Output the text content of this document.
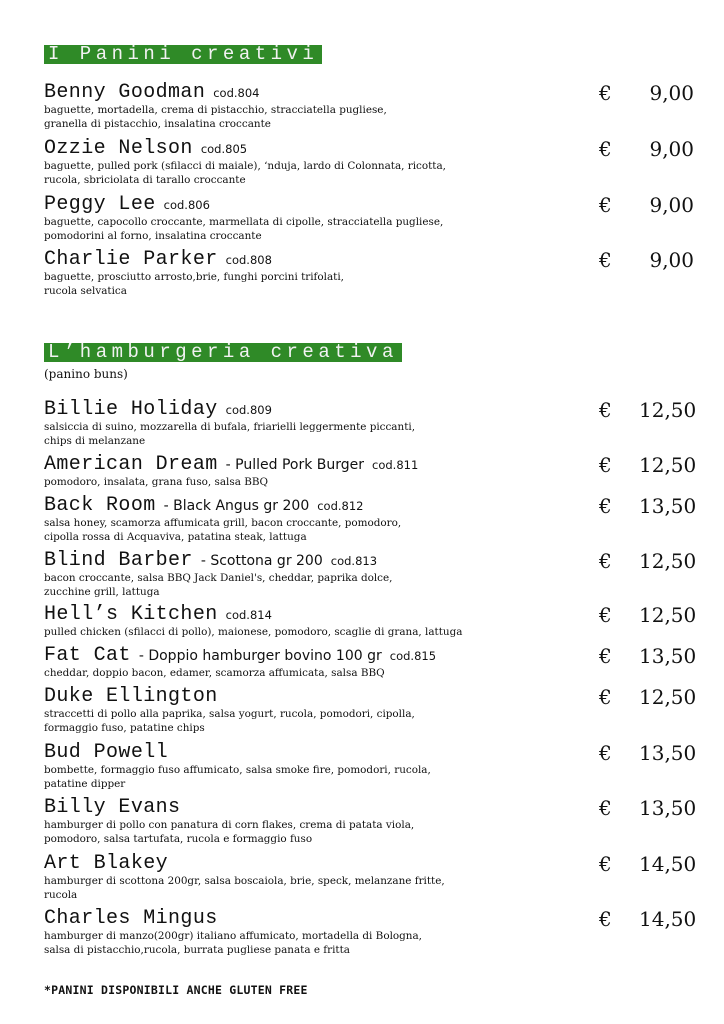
I Panini creativi
Benny Goodman cod.804
baguette, mortadella, crema di pistacchio, stracciatella pugliese,
granella di pistacchio, insalatina croccante
€	9,00
Ozzie Nelson cod.805
baguette, pulled pork (sfilacci di maiale), ‘nduja, lardo di Colonnata, ricotta,
rucola, sbriciolata di tarallo croccante
€	9,00
Peggy Lee cod.806
baguette, capocollo croccante, marmellata di cipolle, stracciatella pugliese,
pomodorini al forno, insalatina croccante
€	9,00
Charlie Parker cod.808
baguette, prosciutto arrosto,brie, funghi porcini trifolati,
rucola selvatica
€	9,00
L’hamburgeria creativa
(panino buns)
Billie Holiday cod.809
salsiccia di suino, mozzarella di bufala, friarielli leggermente piccanti,
chips di melanzane
€	12,50
American Dream - Pulled Pork Burger cod.811
pomodoro, insalata, grana fuso, salsa BBQ
€	12,50
Back Room - Black Angus gr 200 cod.812
salsa honey, scamorza affumicata grill, bacon croccante, pomodoro,
cipolla rossa di Acquaviva, patatina steak, lattuga
€	13,50
Blind Barber - Scottona gr 200 cod.813
bacon croccante, salsa BBQ Jack Daniel's, cheddar, paprika dolce,
zucchine grill, lattuga
€	12,50
Hell’s Kitchen cod.814
pulled chicken (sfilacci di pollo), maionese, pomodoro, scaglie di grana, lattuga
€	12,50
Fat Cat - Doppio hamburger bovino 100 gr cod.815
cheddar, doppio bacon, edamer, scamorza affumicata, salsa BBQ
€	13,50
Duke Ellington
straccetti di pollo alla paprika, salsa yogurt, rucola, pomodori, cipolla,
formaggio fuso, patatine chips
€	12,50
Bud Powell
bombette, formaggio fuso affumicato, salsa smoke fire, pomodori, rucola,
patatine dipper
€	13,50
Billy Evans
hamburger di pollo con panatura di corn flakes, crema di patata viola,
pomodoro, salsa tartufata, rucola e formaggio fuso
€	13,50
Art Blakey
hamburger di scottona 200gr, salsa boscaiola, brie, speck, melanzane fritte,
rucola
€	14,50
Charles Mingus
hamburger di manzo(200gr) italiano affumicato, mortadella di Bologna,
salsa di pistacchio,rucola, burrata pugliese panata e fritta
€	14,50
*PANINI DISPONIBILI ANCHE GLUTEN FREE
